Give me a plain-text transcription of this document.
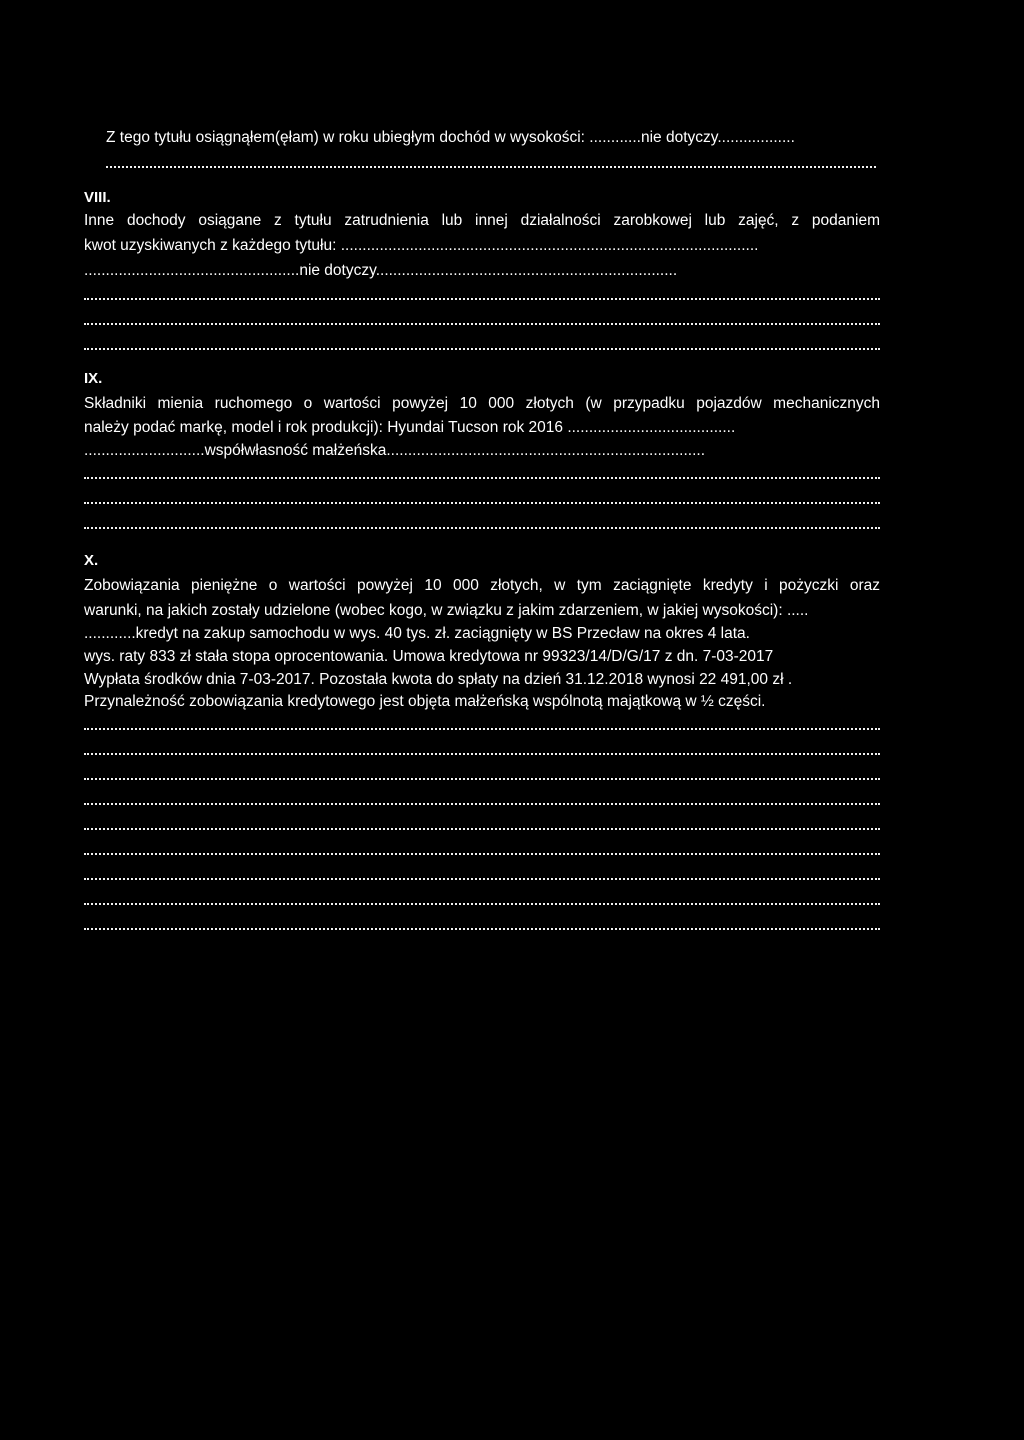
Z tego tytułu osiągnąłem(ęłam) w roku ubiegłym dochód w wysokości: ............nie dotyczy..................
VIII.
Inne dochody osiągane z tytułu zatrudnienia lub innej działalności zarobkowej lub zajęć, z podaniem
kwot uzyskiwanych z każdego tytułu: .................................................................................................
..................................................nie dotyczy......................................................................
IX.
Składniki mienia ruchomego o wartości powyżej 10 000 złotych (w przypadku pojazdów mechanicznych
należy podać markę, model i rok produkcji): Hyundai Tucson rok 2016 .......................................
............................współwłasność małżeńska..........................................................................
X.
Zobowiązania pieniężne o wartości powyżej 10 000 złotych, w tym zaciągnięte kredyty i pożyczki oraz
warunki, na jakich zostały udzielone (wobec kogo, w związku z jakim zdarzeniem, w jakiej wysokości): .....
............kredyt na zakup samochodu w wys. 40 tys. zł. zaciągnięty w BS Przecław na okres 4 lata.
wys. raty 833 zł stała stopa oprocentowania. Umowa kredytowa nr 99323/14/D/G/17 z dn. 7-03-2017
Wypłata środków dnia 7-03-2017. Pozostała kwota do spłaty na dzień 31.12.2018 wynosi 22 491,00 zł .
Przynależność zobowiązania kredytowego jest objęta małżeńską wspólnotą majątkową w ½ części.
